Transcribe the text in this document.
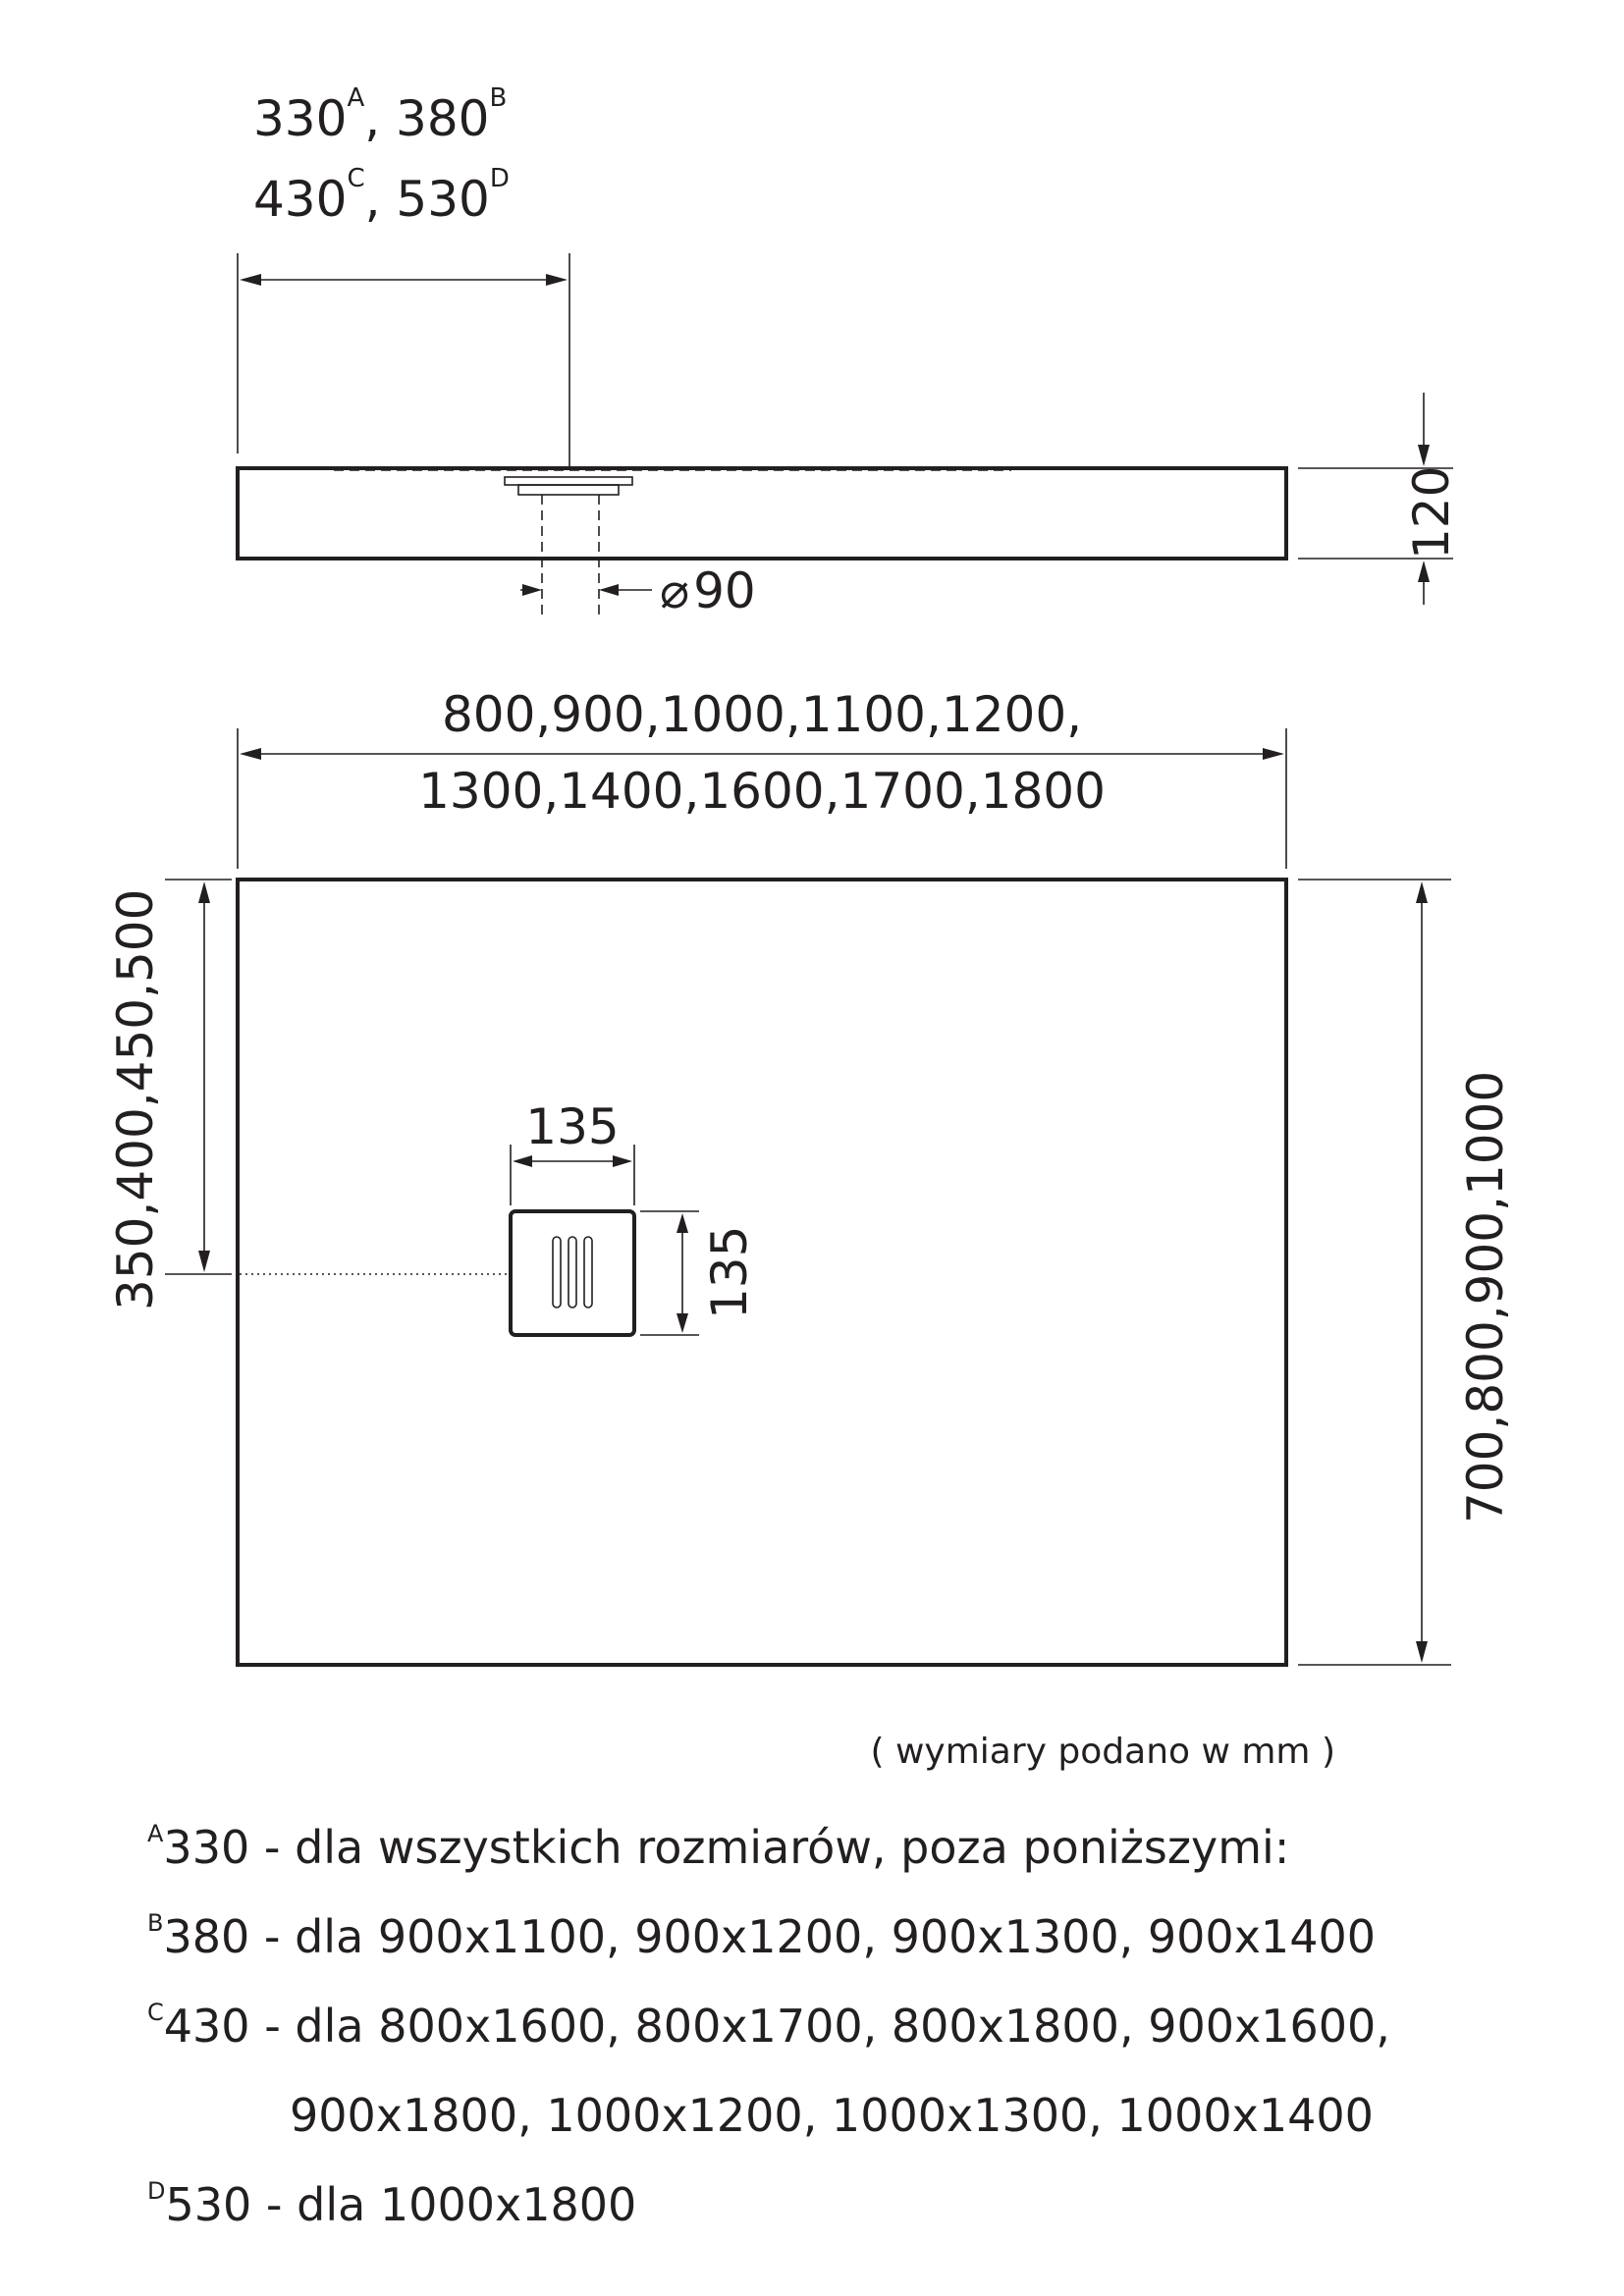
$330^A$, $380^B$
$430^C$, $530^D$
⌀90
120
800,900,1000,1100,1200,
1300,1400,1600,1700,1800
350,400,450,500	700,800,900,1000
135
135
( wymiary podano w mm )
$^A$330 - dla wszystkich rozmiarów, poza poniższymi:
$^B$380 - dla 900x1100, 900x1200, 900x1300, 900x1400
$^C$430 - dla 800x1600, 800x1700, 800x1800, 900x1600,
900x1800, 1000x1200, 1000x1300, 1000x1400
$^D$530 - dla 1000x1800
